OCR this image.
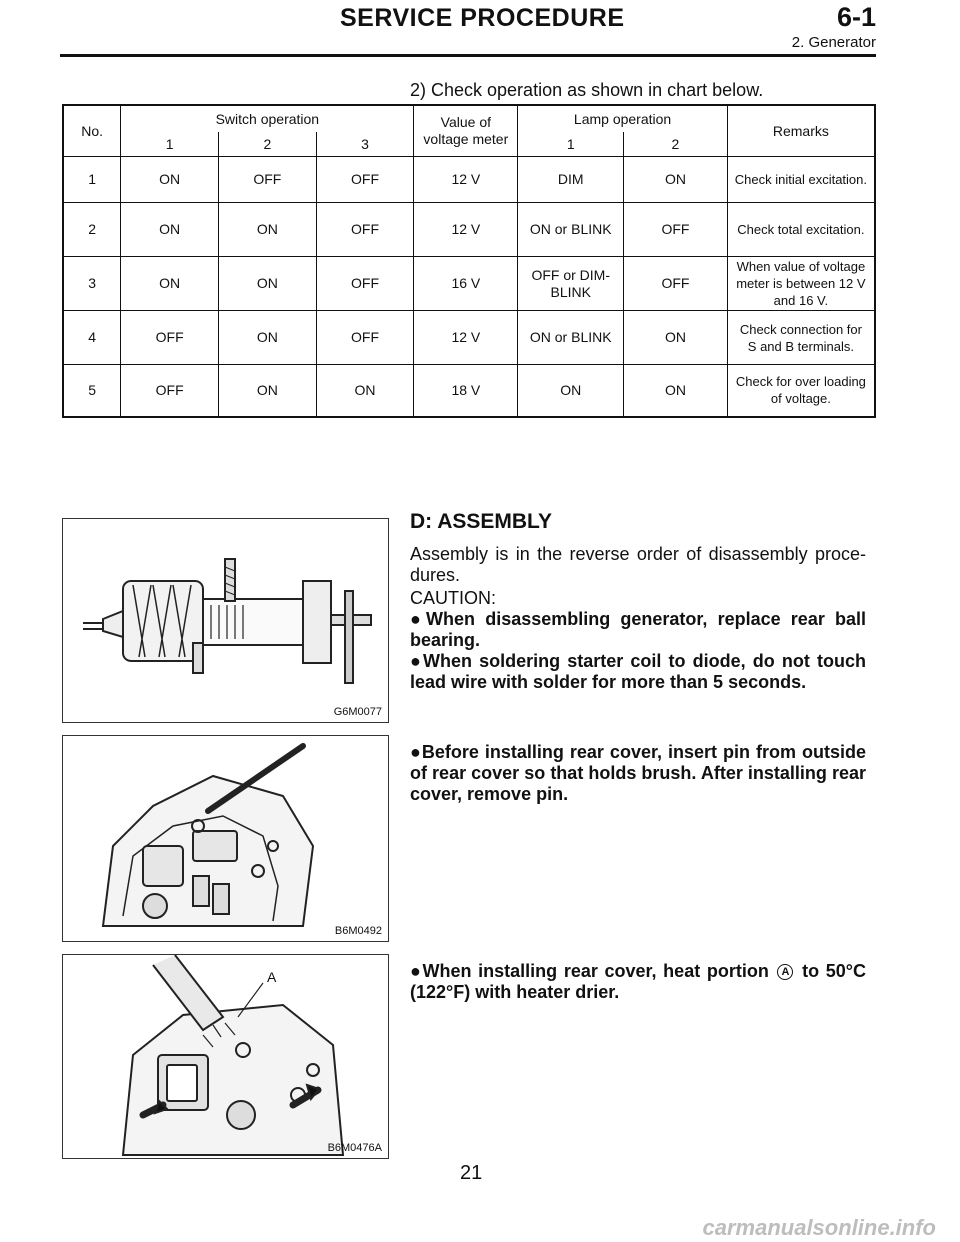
SERVICE PROCEDURE	6-1
2. Generator
2) Check operation as shown in chart below.
No.	Switch operation			Value of voltage meter	Lamp operation		Remarks
	1	2	3		1	2	
1	ON	OFF	OFF	12 V	DIM	ON	Check initial excitation.
2	ON	ON	OFF	12 V	ON or BLINK	OFF	Check total excitation.
3	ON	ON	OFF	16 V	OFF or DIM-BLINK	OFF	When value of voltage meter is between 12 V and 16 V.
4	OFF	ON	OFF	12 V	ON or BLINK	ON	Check connection for S and B terminals.
5	OFF	ON	ON	18 V	ON	ON	Check for over loading of voltage.
G6M0077
B6M0492
A
B6M0476A
D: ASSEMBLY
Assembly is in the reverse order of disassembly proce-dures.
CAUTION:
●When disassembling generator, replace rear ball bearing.
●When soldering starter coil to diode, do not touch lead wire with solder for more than 5 seconds.
●Before installing rear cover, insert pin from outside of rear cover so that holds brush. After installing rear cover, remove pin.
●When installing rear cover, heat portion A to 50°C (122°F) with heater drier.
21
carmanualsonline.info
